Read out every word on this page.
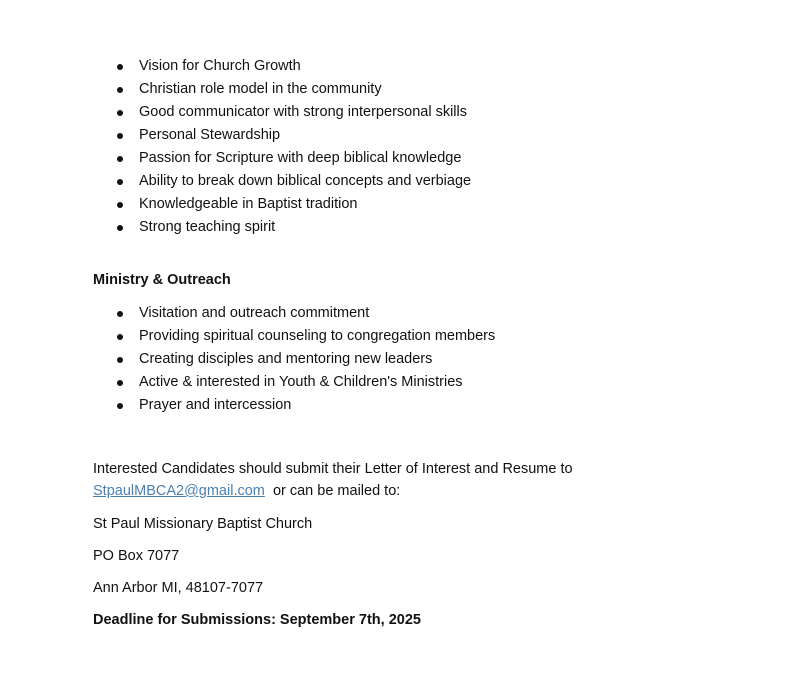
Vision for Church Growth
Christian role model in the community
Good communicator with strong interpersonal skills
Personal Stewardship
Passion for Scripture with deep biblical knowledge
Ability to break down biblical concepts and verbiage
Knowledgeable in Baptist tradition
Strong teaching spirit
Ministry & Outreach
Visitation and outreach commitment
Providing spiritual counseling to congregation members
Creating disciples and mentoring new leaders
Active & interested in Youth & Children's Ministries
Prayer and intercession
Interested Candidates should submit their Letter of Interest and Resume to
StpaulMBCA2@gmail.com or can be mailed to:
St Paul Missionary Baptist Church
PO Box 7077
Ann Arbor MI, 48107-7077
Deadline for Submissions: September 7th, 2025
